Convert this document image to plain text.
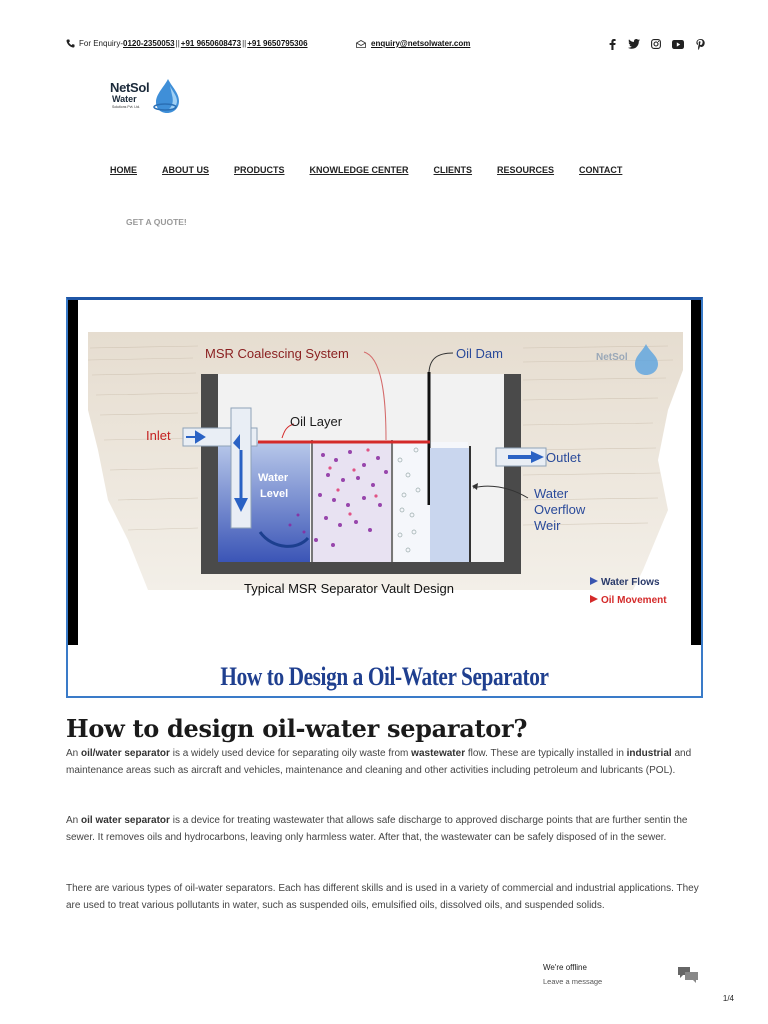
For Enquiry- 0120-2350053 || +91 9650608473 || +91 9650795306	enquiry@netsolwater.com
NetSol
Water
Solutions Pvt. Ltd.
HOME	ABOUT US	PRODUCTS	KNOWLEDGE CENTER	CLIENTS	RESOURCES	CONTACT
GET A QUOTE!
MSR Coalescing System	Oil Dam
Inlet
Oil Layer
Outlet
Water
Level	Water
Overflow
Weir
Typical MSR Separator Vault Design	Water Flows
Oil Movement
NetSol
How to Design a Oil-Water Separator
How to design oil-water separator?
An oil/water separator is a widely used device for separating oily waste from wastewater flow. These are typically installed in industrial and maintenance areas such as aircraft and vehicles, maintenance and cleaning and other activities including petroleum and lubricants (POL).
An oil water separator is a device for treating wastewater that allows safe discharge to approved discharge points that are further sentin the sewer. It removes oils and hydrocarbons, leaving only harmless water. After that, the wastewater can be safely disposed of in the sewer.
There are various types of oil-water separators. Each has different skills and is used in a variety of commercial and industrial applications. They are used to treat various pollutants in water, such as suspended oils, emulsified oils, dissolved oils, and suspended solids.
We're offline
Leave a message
1/4
